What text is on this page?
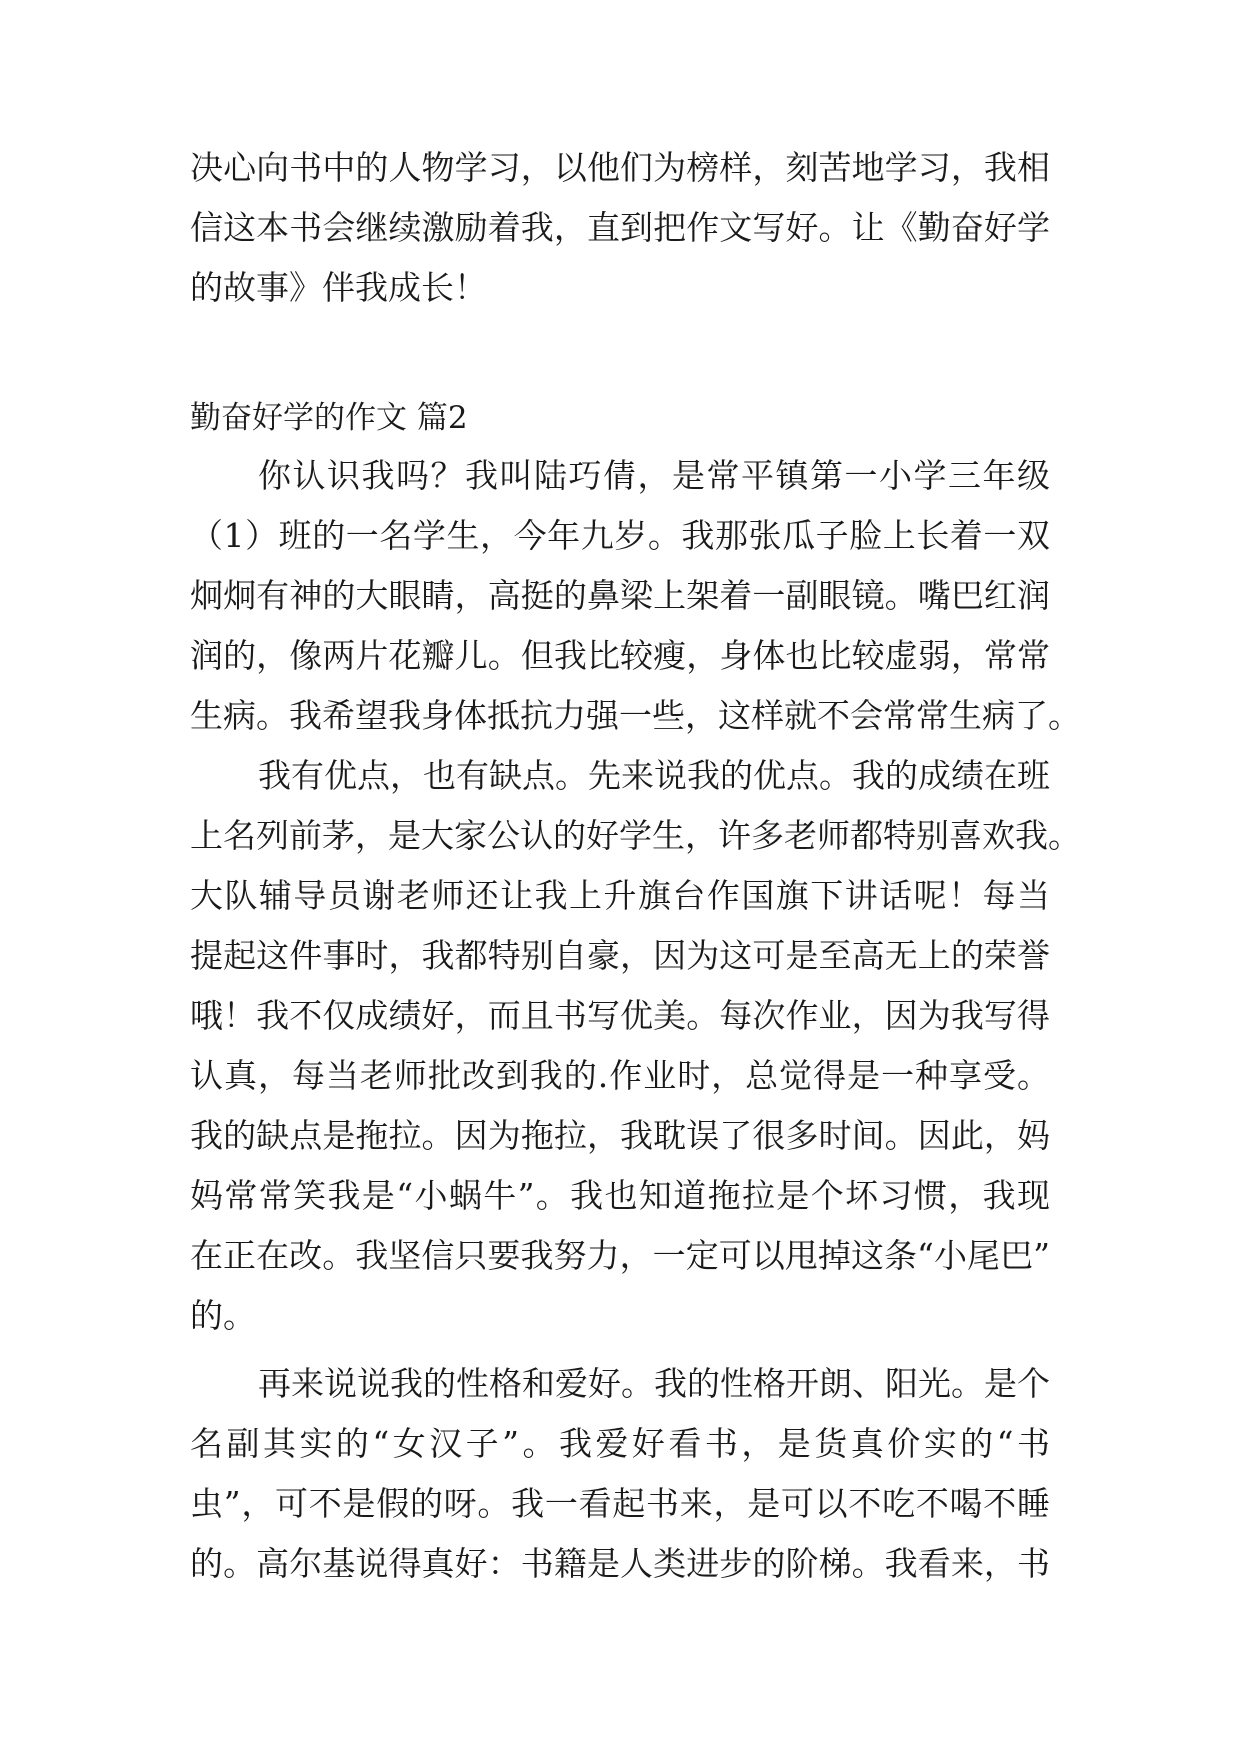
决心向书中的人物学习，以他们为榜样，刻苦地学习，我相
信这本书会继续激励着我，直到把作文写好。让《勤奋好学
的故事》伴我成长！
勤奋好学的作文 篇2
你认识我吗？我叫陆巧倩，是常平镇第一小学三年级
（1）班的一名学生，今年九岁。我那张瓜子脸上长着一双
炯炯有神的大眼睛，高挺的鼻梁上架着一副眼镜。嘴巴红润
润的，像两片花瓣儿。但我比较瘦，身体也比较虚弱，常常
生病。我希望我身体抵抗力强一些，这样就不会常常生病了。
我有优点，也有缺点。先来说我的优点。我的成绩在班
上名列前茅，是大家公认的好学生，许多老师都特别喜欢我。
大队辅导员谢老师还让我上升旗台作国旗下讲话呢！每当
提起这件事时，我都特别自豪，因为这可是至高无上的荣誉
哦！我不仅成绩好，而且书写优美。每次作业，因为我写得
认真，每当老师批改到我的.作业时，总觉得是一种享受。
我的缺点是拖拉。因为拖拉，我耽误了很多时间。因此，妈
妈常常笑我是“小蜗牛”。我也知道拖拉是个坏习惯，我现
在正在改。我坚信只要我努力，一定可以甩掉这条“小尾巴”
的。
再来说说我的性格和爱好。我的性格开朗、阳光。是个
名副其实的“女汉子”。我爱好看书，是货真价实的“书
虫”，可不是假的呀。我一看起书来，是可以不吃不喝不睡
的。高尔基说得真好：书籍是人类进步的阶梯。我看来，书
